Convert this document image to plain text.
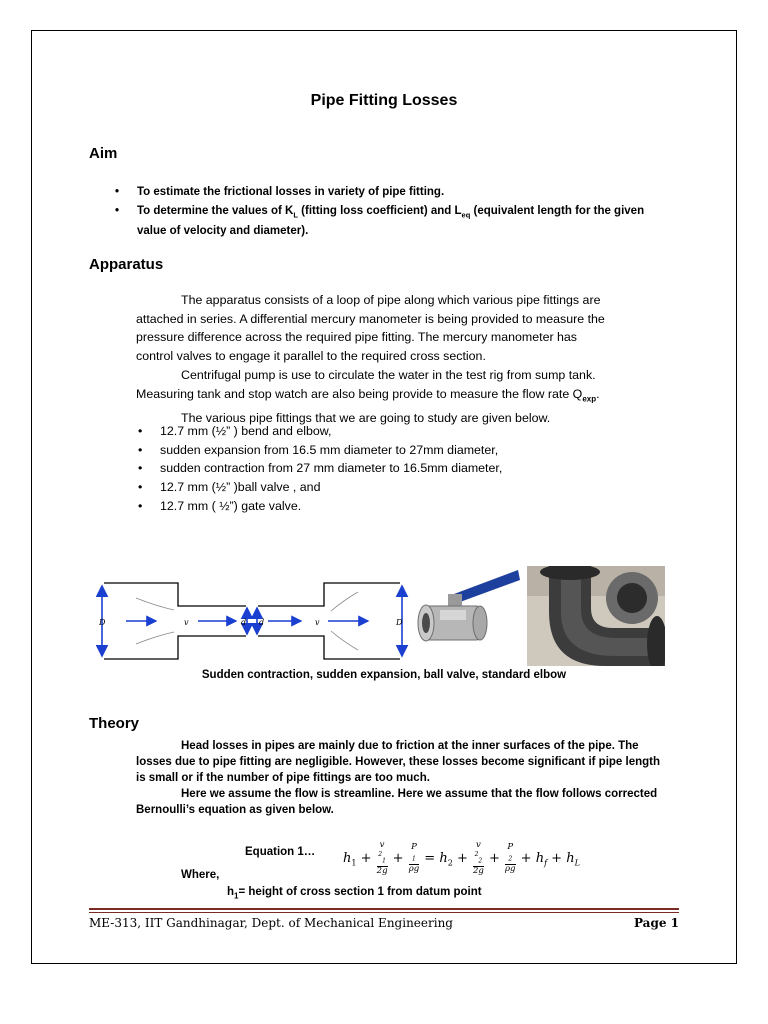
Pipe Fitting Losses
Aim
• To estimate the frictional losses in variety of pipe fitting.
• To determine the values of $K_L$ (fitting loss coefficient) and $L_{eq}$ (equivalent length for the given
value of velocity and diameter).
Apparatus

The apparatus consists of a loop of pipe along which various pipe fittings are
attached in series. A differential mercury manometer is being provided to measure the
pressure difference across the required pipe fitting. The mercury manometer has
control valves to engage it parallel to the required cross section.

Centrifugal pump is use to circulate the water in the test rig from sump tank.
Measuring tank and stop watch are also being provide to measure the flow rate $Q_{exp}$.

The various pipe fittings that we are going to study are given below.

• 12.7 mm (½” ) bend and elbow,
• sudden expansion from 16.5 mm diameter to 27mm diameter,
• sudden contraction from 27 mm diameter to 16.5mm diameter,
• 12.7 mm (½” )ball valve , and
• 12.7 mm ( ½”) gate valve.
D	v	d d	v	D
Sudden contraction, sudden expansion, ball valve, standard elbow
Theory

Head losses in pipes are mainly due to friction at the inner surfaces of the pipe. The
losses due to pipe fitting are negligible. However, these losses become significant if pipe length
is small or if the number of pipe fittings are too much.

Here we assume the flow is streamline. Here we assume that the flow follows corrected
Bernoulli’s equation as given below.

Equation 1… $h_1 + v$
$^2_1$
2g + P
$_1$
$\rho g = h_2 + v$
$^2_2$
2g + P
$_2$
$\rho g + h_f + h_L$
Where,
$h_1=$ height of cross section 1 from datum point
ME-313, IIT Gandhinagar, Dept. of Mechanical Engineering	Page 1
